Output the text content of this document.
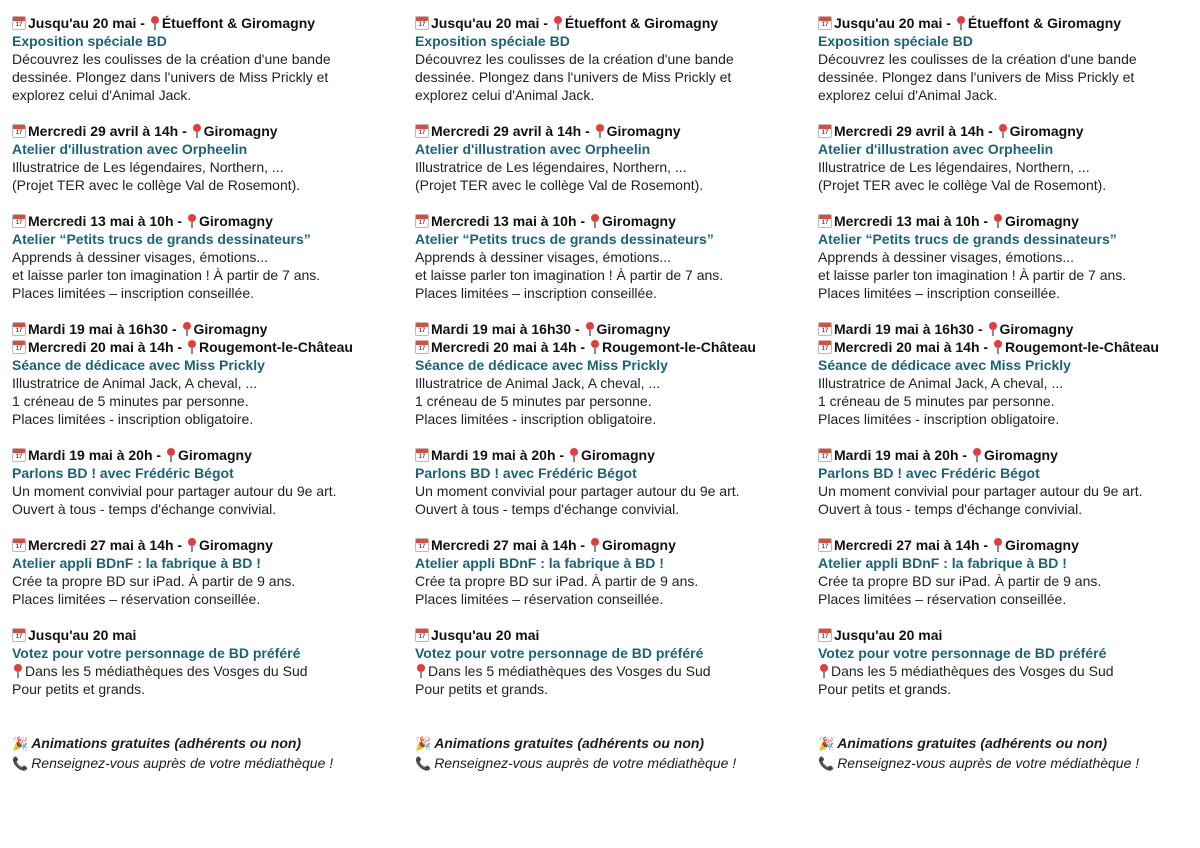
17Jusqu'au 20 mai - Étueffont & Giromagny
Exposition spéciale BD
Découvrez les coulisses de la création d'une bande
dessinée. Plongez dans l'univers de Miss Prickly et
explorez celui d'Animal Jack.
17Mercredi 29 avril à 14h - Giromagny
Atelier d'illustration avec Orpheelin
Illustratrice de Les légendaires, Northern, ...
(Projet TER avec le collège Val de Rosemont).
17Mercredi 13 mai à 10h - Giromagny
Atelier “Petits trucs de grands dessinateurs”
Apprends à dessiner visages, émotions...
et laisse parler ton imagination ! À partir de 7 ans.
Places limitées – inscription conseillée.
17Mardi 19 mai à 16h30 - Giromagny
17Mercredi 20 mai à 14h - Rougemont-le-Château
Séance de dédicace avec Miss Prickly
Illustratrice de Animal Jack, A cheval, ...
1 créneau de 5 minutes par personne.
Places limitées - inscription obligatoire.
17Mardi 19 mai à 20h - Giromagny
Parlons BD ! avec Frédéric Bégot
Un moment convivial pour partager autour du 9e art.
Ouvert à tous - temps d'échange convivial.
17Mercredi 27 mai à 14h - Giromagny
Atelier appli BDnF : la fabrique à BD !
Crée ta propre BD sur iPad. À partir de 9 ans.
Places limitées – réservation conseillée.
17Jusqu'au 20 mai
Votez pour votre personnage de BD préféré
Dans les 5 médiathèques des Vosges du Sud
Pour petits et grands.
🎉 Animations gratuites (adhérents ou non)
📞 Renseignez-vous auprès de votre médiathèque !
17Jusqu'au 20 mai - Étueffont & Giromagny
Exposition spéciale BD
Découvrez les coulisses de la création d'une bande
dessinée. Plongez dans l'univers de Miss Prickly et
explorez celui d'Animal Jack.
17Mercredi 29 avril à 14h - Giromagny
Atelier d'illustration avec Orpheelin
Illustratrice de Les légendaires, Northern, ...
(Projet TER avec le collège Val de Rosemont).
17Mercredi 13 mai à 10h - Giromagny
Atelier “Petits trucs de grands dessinateurs”
Apprends à dessiner visages, émotions...
et laisse parler ton imagination ! À partir de 7 ans.
Places limitées – inscription conseillée.
17Mardi 19 mai à 16h30 - Giromagny
17Mercredi 20 mai à 14h - Rougemont-le-Château
Séance de dédicace avec Miss Prickly
Illustratrice de Animal Jack, A cheval, ...
1 créneau de 5 minutes par personne.
Places limitées - inscription obligatoire.
17Mardi 19 mai à 20h - Giromagny
Parlons BD ! avec Frédéric Bégot
Un moment convivial pour partager autour du 9e art.
Ouvert à tous - temps d'échange convivial.
17Mercredi 27 mai à 14h - Giromagny
Atelier appli BDnF : la fabrique à BD !
Crée ta propre BD sur iPad. À partir de 9 ans.
Places limitées – réservation conseillée.
17Jusqu'au 20 mai
Votez pour votre personnage de BD préféré
Dans les 5 médiathèques des Vosges du Sud
Pour petits et grands.
🎉 Animations gratuites (adhérents ou non)
📞 Renseignez-vous auprès de votre médiathèque !
17Jusqu'au 20 mai - Étueffont & Giromagny
Exposition spéciale BD
Découvrez les coulisses de la création d'une bande
dessinée. Plongez dans l'univers de Miss Prickly et
explorez celui d'Animal Jack.
17Mercredi 29 avril à 14h - Giromagny
Atelier d'illustration avec Orpheelin
Illustratrice de Les légendaires, Northern, ...
(Projet TER avec le collège Val de Rosemont).
17Mercredi 13 mai à 10h - Giromagny
Atelier “Petits trucs de grands dessinateurs”
Apprends à dessiner visages, émotions...
et laisse parler ton imagination ! À partir de 7 ans.
Places limitées – inscription conseillée.
17Mardi 19 mai à 16h30 - Giromagny
17Mercredi 20 mai à 14h - Rougemont-le-Château
Séance de dédicace avec Miss Prickly
Illustratrice de Animal Jack, A cheval, ...
1 créneau de 5 minutes par personne.
Places limitées - inscription obligatoire.
17Mardi 19 mai à 20h - Giromagny
Parlons BD ! avec Frédéric Bégot
Un moment convivial pour partager autour du 9e art.
Ouvert à tous - temps d'échange convivial.
17Mercredi 27 mai à 14h - Giromagny
Atelier appli BDnF : la fabrique à BD !
Crée ta propre BD sur iPad. À partir de 9 ans.
Places limitées – réservation conseillée.
17Jusqu'au 20 mai
Votez pour votre personnage de BD préféré
Dans les 5 médiathèques des Vosges du Sud
Pour petits et grands.
🎉 Animations gratuites (adhérents ou non)
📞 Renseignez-vous auprès de votre médiathèque !
